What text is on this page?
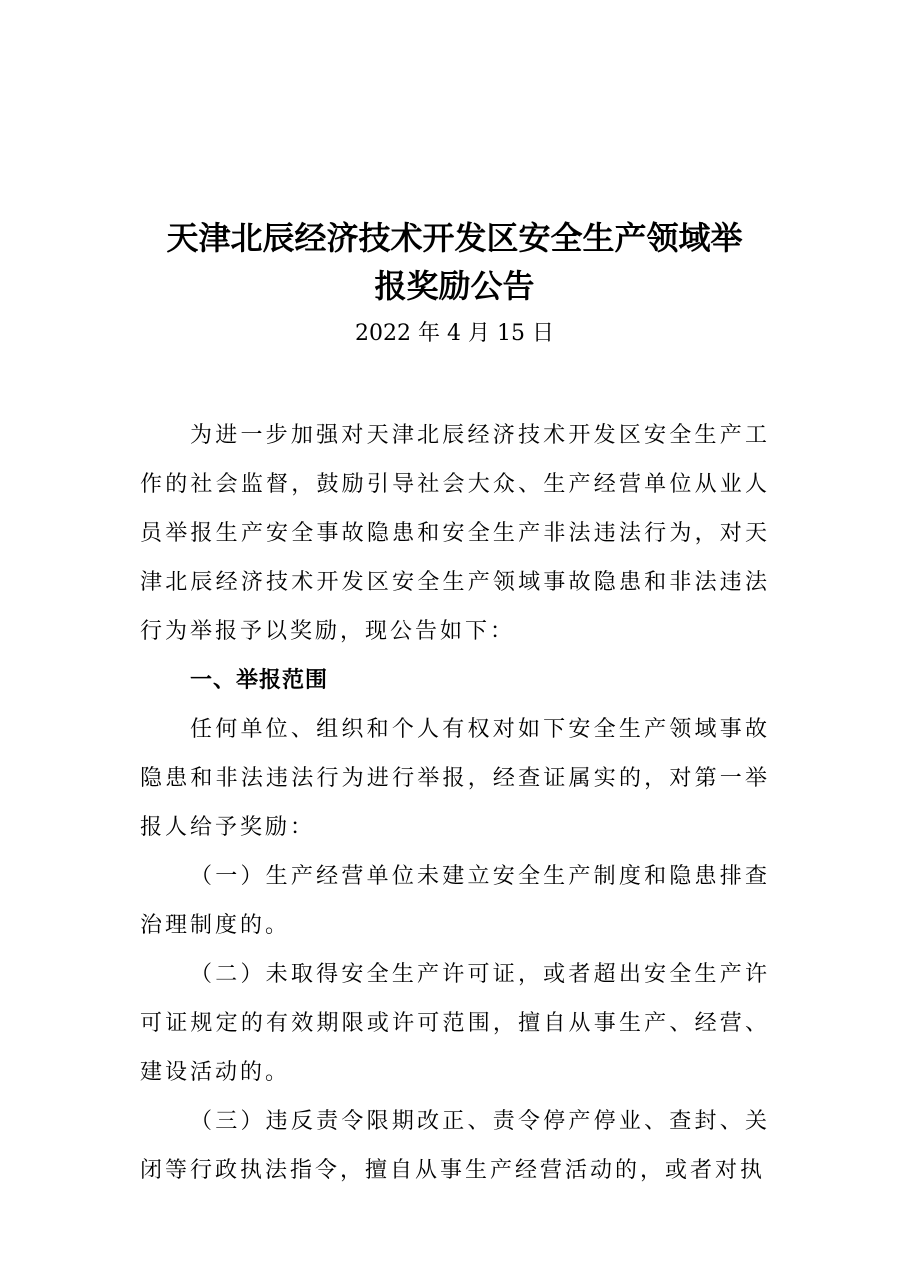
天津北辰经济技术开发区安全生产领域举
报奖励公告
2022 年 4 月 15 日

为进一步加强对天津北辰经济技术开发区安全生产工作的社会监督，鼓励引导社会大众、生产经营单位从业人员举报生产安全事故隐患和安全生产非法违法行为，对天津北辰经济技术开发区安全生产领域事故隐患和非法违法行为举报予以奖励，现公告如下：

一、举报范围

任何单位、组织和个人有权对如下安全生产领域事故隐患和非法违法行为进行举报，经查证属实的，对第一举报人给予奖励：

（一）生产经营单位未建立安全生产制度和隐患排查治理制度的。

（二）未取得安全生产许可证，或者超出安全生产许可证规定的有效期限或许可范围，擅自从事生产、经营、建设活动的。

（三）违反责令限期改正、责令停产停业、查封、关闭等行政执法指令，擅自从事生产经营活动的，或者对执
